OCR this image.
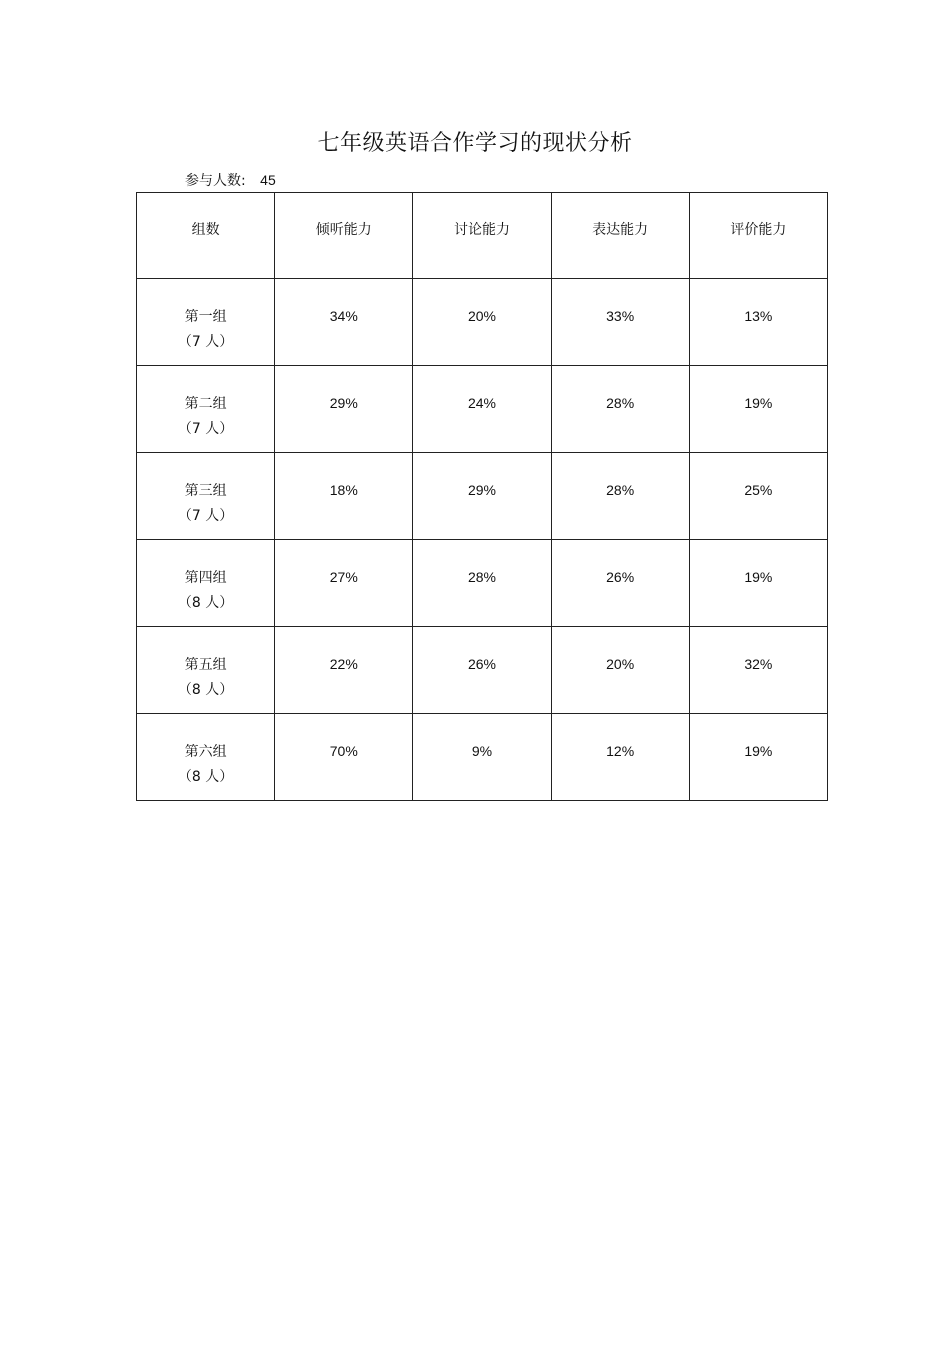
七年级英语合作学习的现状分析
参与人数: 45
组数	倾听能力	讨论能力	表达能力	评价能力
第一组
（7 人）	34%	20%	33%	13%
第二组
（7 人）	29%	24%	28%	19%
第三组
（7 人）	18%	29%	28%	25%
第四组
（8 人）	27%	28%	26%	19%
第五组
（8 人）	22%	26%	20%	32%
第六组
（8 人）	70%	9%	12%	19%
